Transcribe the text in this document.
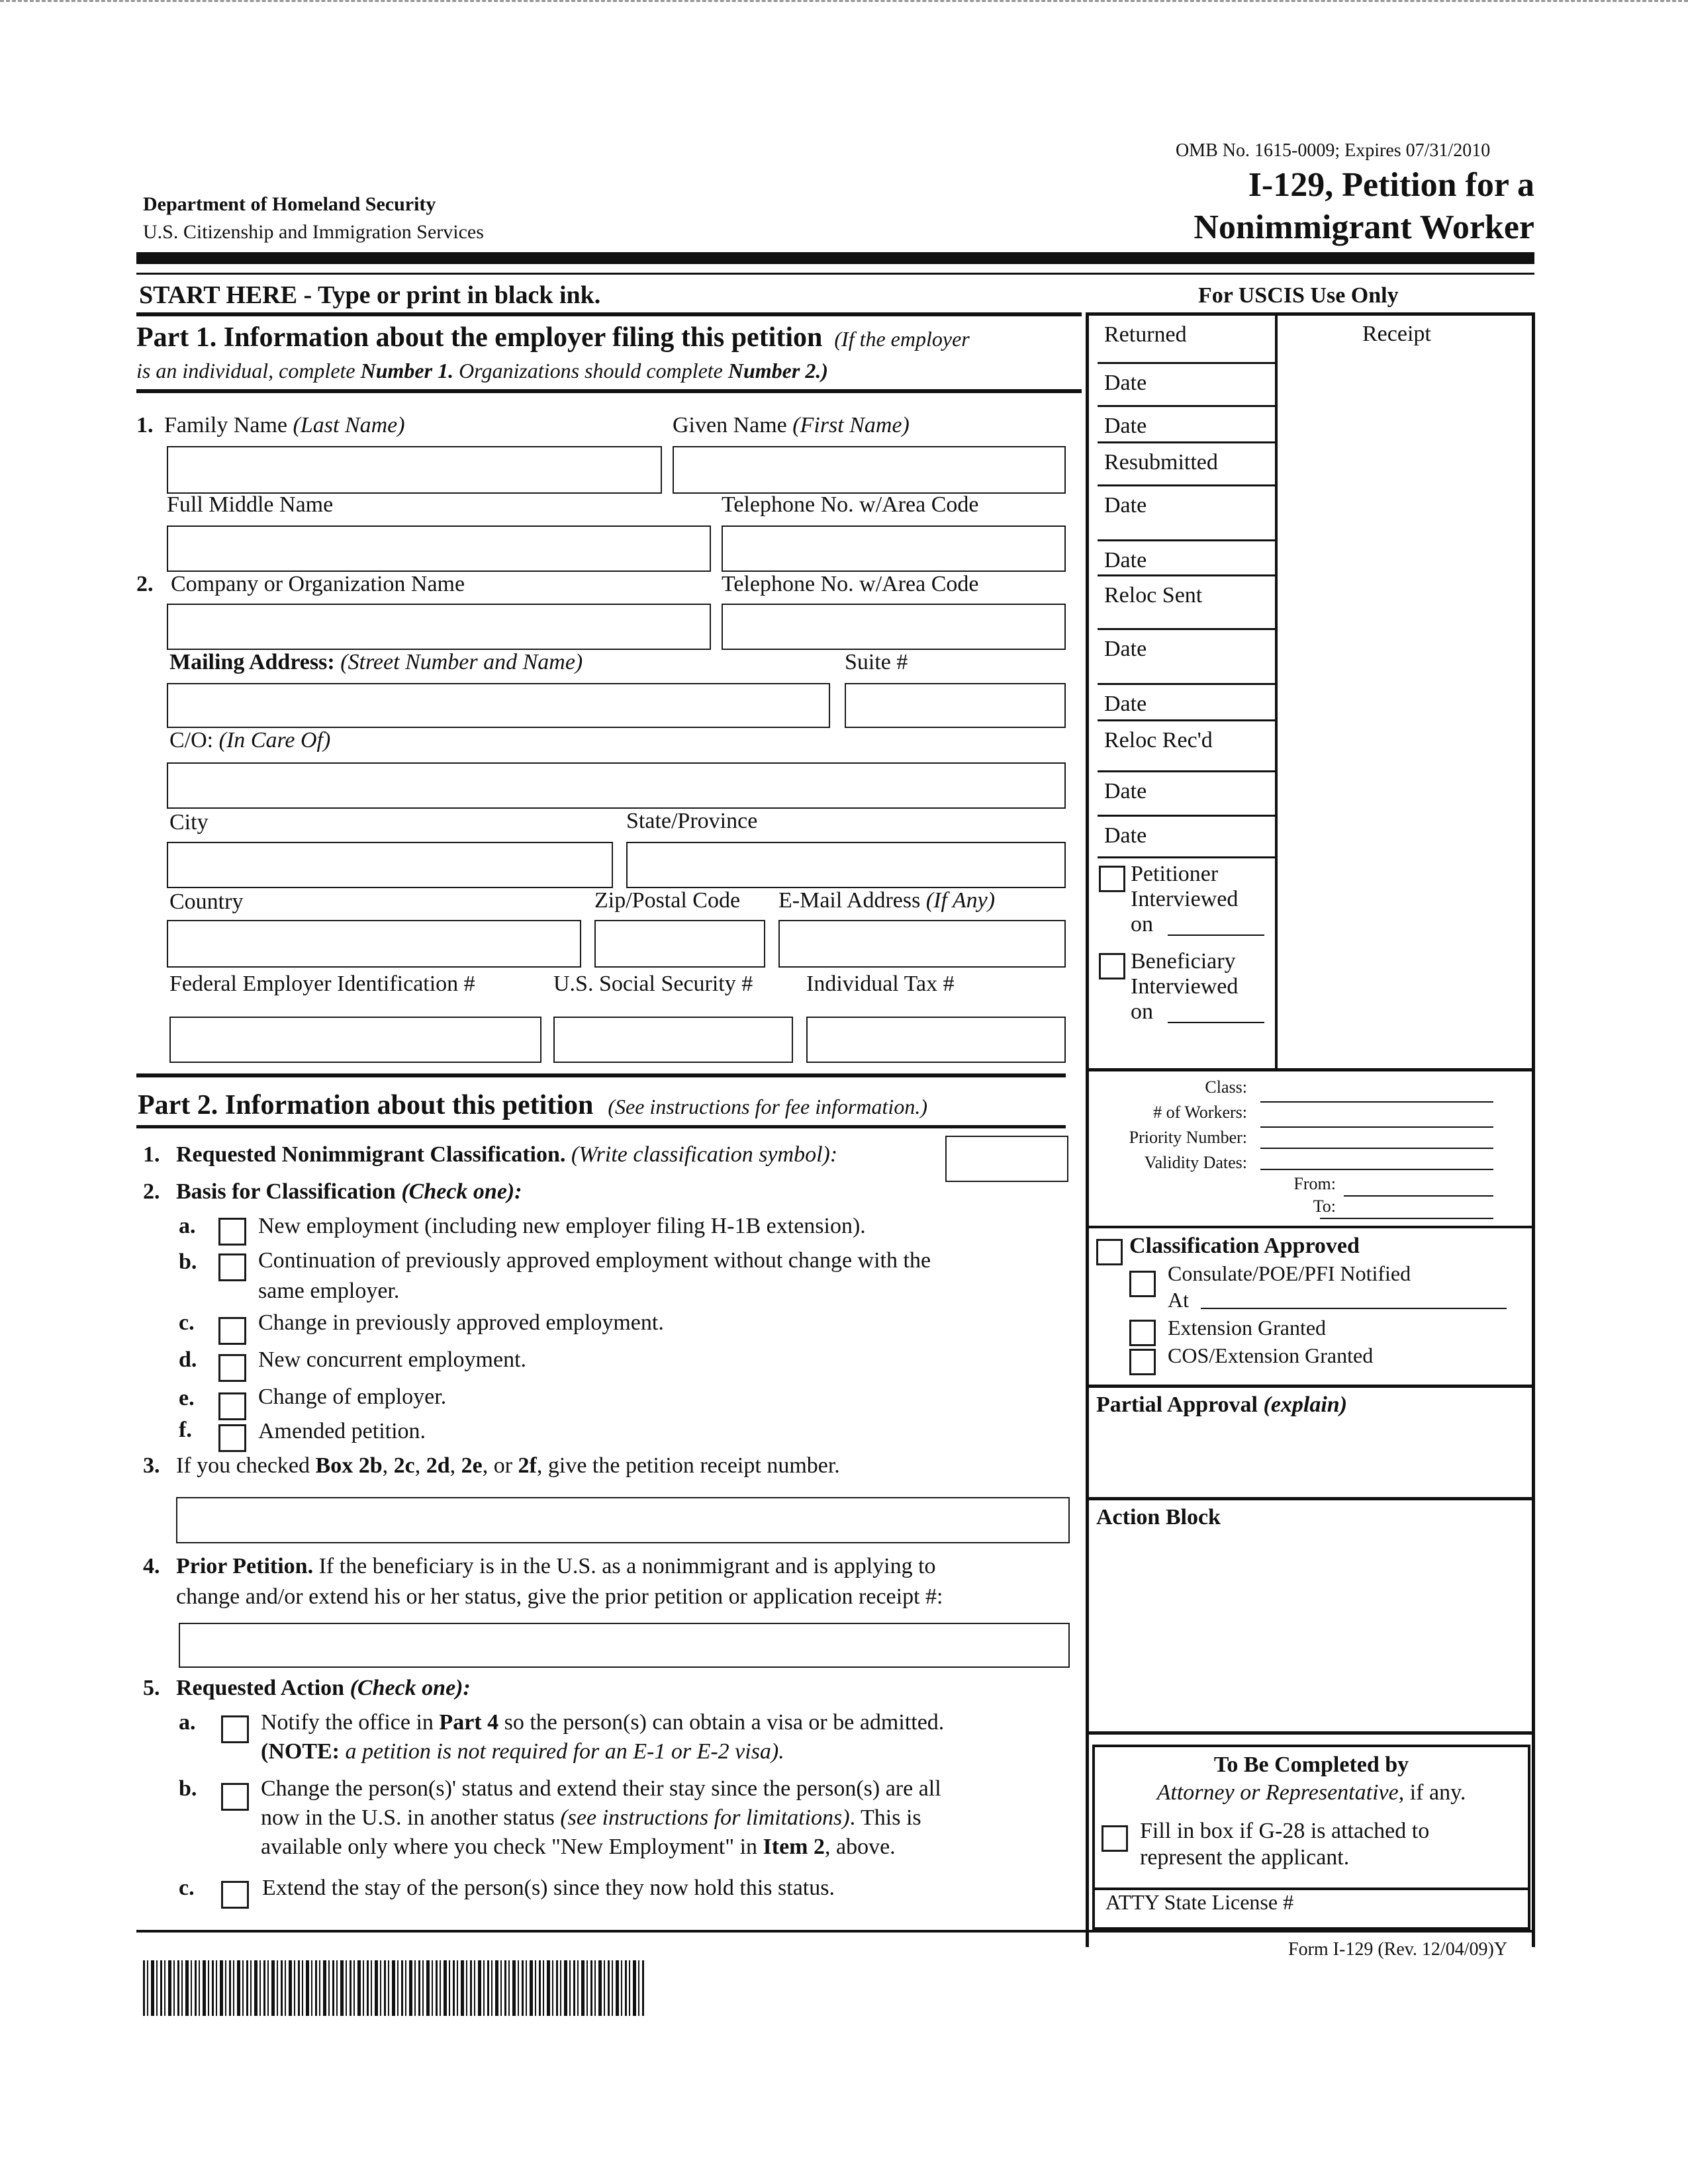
OMB No. 1615-0009; Expires 07/31/2010
I-129, Petition for a
Nonimmigrant Worker
Department of Homeland Security
U.S. Citizenship and Immigration Services
START HERE - Type or print in black ink.	For USCIS Use Only
Part 1. Information about the employer filing this petition (If the employer
is an individual, complete Number 1. Organizations should complete Number 2.)
1. Family Name (Last Name)	Given Name (First Name)
Full Middle Name	Telephone No. w/Area Code
2. Company or Organization Name	Telephone No. w/Area Code
Mailing Address: (Street Number and Name)	Suite #
C/O: (In Care Of)
City	State/Province
Country	Zip/Postal Code E-Mail Address (If Any)
Federal Employer Identification #	U.S. Social Security # Individual Tax #
Part 2. Information about this petition (See instructions for fee information.)
1. Requested Nonimmigrant Classification. (Write classification symbol):
2. Basis for Classification (Check one):
a.	New employment (including new employer filing H-1B extension).
b.	Continuation of previously approved employment without change with the
same employer.
c.	Change in previously approved employment.
d.	New concurrent employment.
e.	Change of employer.
f.	Amended petition.
3. If you checked Box 2b, 2c, 2d, 2e, or 2f, give the petition receipt number.
4. Prior Petition. If the beneficiary is in the U.S. as a nonimmigrant and is applying to
change and/or extend his or her status, give the prior petition or application receipt #:
5. Requested Action (Check one):
a.	Notify the office in Part 4 so the person(s) can obtain a visa or be admitted.
(NOTE: a petition is not required for an E-1 or E-2 visa).
b.	Change the person(s)' status and extend their stay since the person(s) are all
now in the U.S. in another status (see instructions for limitations). This is
available only where you check "New Employment" in Item 2, above.
c.	Extend the stay of the person(s) since they now hold this status.
Returned
Date
Date
Resubmitted
Date
Date
Reloc Sent
Date
Date
Reloc Rec'd
Date
Date
Receipt
Petitioner
Interviewed
on
Beneficiary
Interviewed
on
Class:
# of Workers:
Priority Number:
Validity Dates:
From:
To:
Classification Approved
Consulate/POE/PFI Notified
At
Extension Granted
COS/Extension Granted
Partial Approval (explain)
Action Block
To Be Completed by
Attorney or Representative, if any.
Fill in box if G-28 is attached to
represent the applicant.
ATTY State License #
Form I-129 (Rev. 12/04/09)Y
